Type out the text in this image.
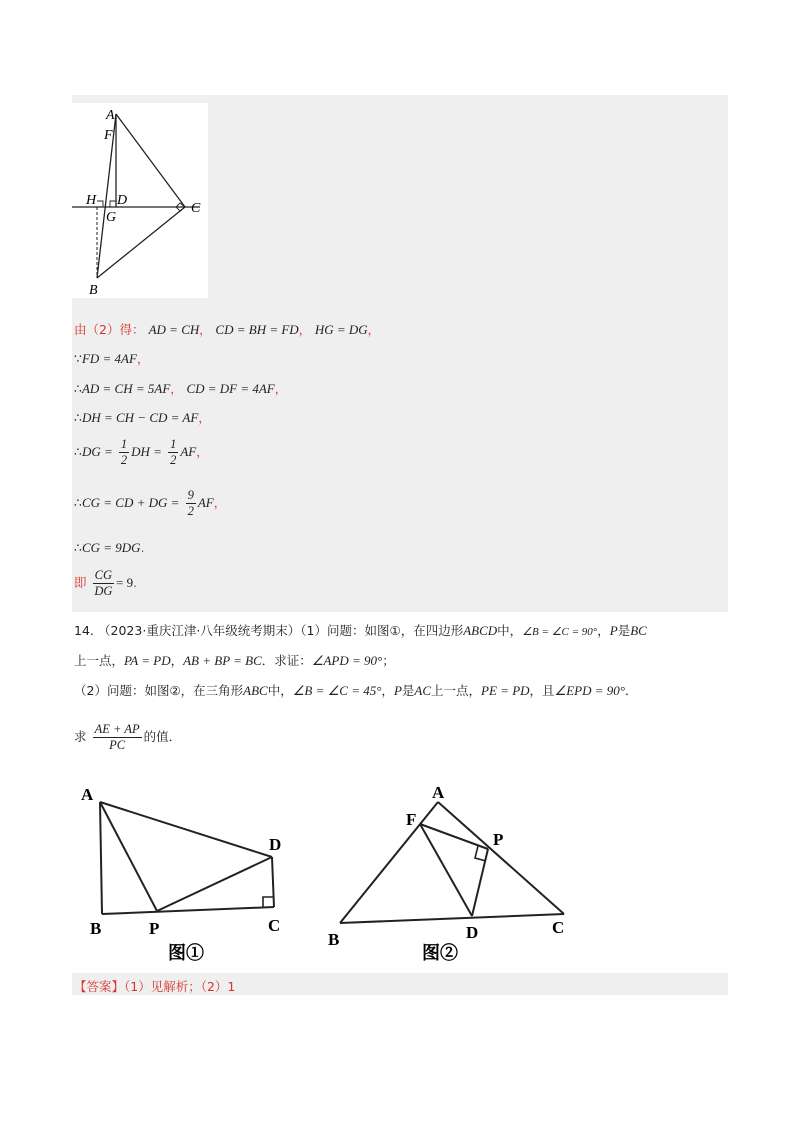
A
F
H D
G
C
B
由（2）得： AD = CH， CD = BH = FD， HG = DG，
∵FD = 4AF，
∴AD = CH = 5AF， CD = DF = 4AF，
∴DH = CH − CD = AF，
∴DG = $\frac{1}{2}$ DH = $\frac{1}{2}$ AF，
∴CG = CD + DG = $\frac{9}{2}$ AF，
∴CG = 9DG.
即 $\frac{CG}{DG} = 9$.
14. （2023·重庆江津·八年级统考期末）（1）问题：如图①，在四边形ABCD中，∠B = ∠C = 90°，P是BC
上一点，PA = PD，AB + BP = BC．求证：∠APD = 90°；
（2）问题：如图②，在三角形ABC中，∠B = ∠C = 45°，P是AC上一点，PE = PD，且∠EPD = 90°．
求 $\frac{AE + AP}{PC}$ 的值．
A
B	P	C
D
图①
A
F
P
B	D	C
图②
【答案】（1）见解析；（2）1
